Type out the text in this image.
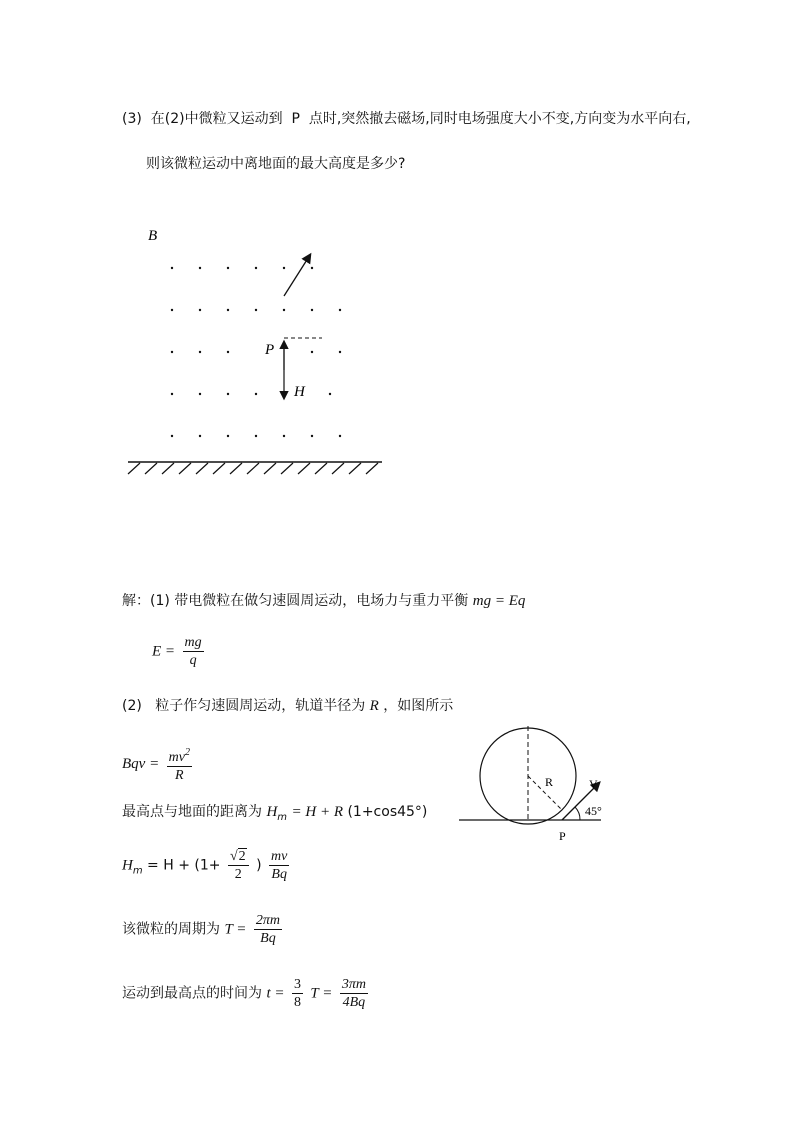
(3) 在(2)中微粒又运动到 P 点时,突然撤去磁场,同时电场强度大小不变,方向变为水平向右,
则该微粒运动中离地面的最大高度是多少?
B
P
H
解：(1) 带电微粒在做匀速圆周运动，电场力与重力平衡 mg = Eq
$E = \frac{mg}{q}$
(2) 粒子作匀速圆周运动，轨道半径为 R ，如图所示
Bqv = $\frac{mv^2}{R}$
最高点与地面的距离为 $H_m = H + R$ (1+cos45°)
$H_m = H + (1+ \frac{√2}{2}$ ) $\frac{mv}{Bq}$
该微粒的周期为 $T = \frac{2\pi m}{Bq}$
运动到最高点的时间为 $t = \frac{3}{8}$ $T = \frac{3\pi m}{4Bq}$
R	V
45°
P
